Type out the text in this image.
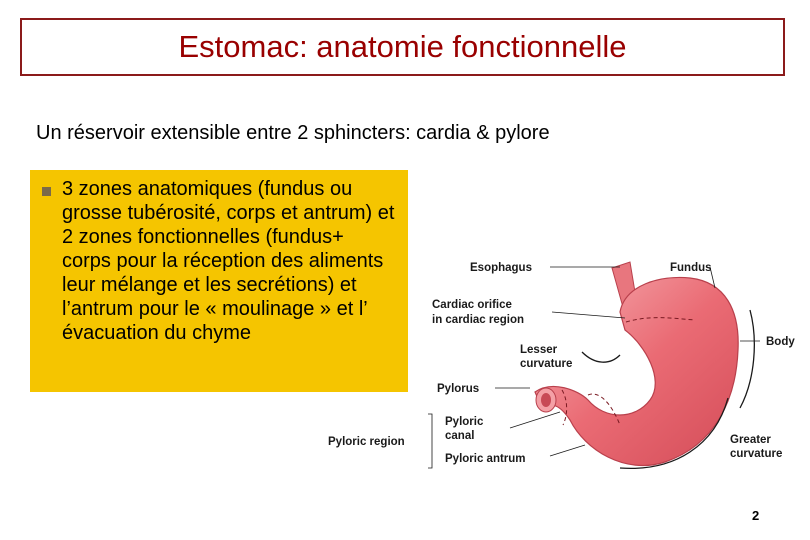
Estomac: anatomie fonctionnelle
Un réservoir extensible entre 2 sphincters: cardia & pylore
3 zones anatomiques (fundus ou grosse tubérosité, corps et antrum) et 2 zones fonctionnelles (fundus+ corps pour la réception des aliments leur mélange et les secrétions) et l’antrum pour le « moulinage » et l’ évacuation du chyme
Esophagus	Fundus
Cardiac orifice
in cardiac region
Body
Lesser
curvature
Pylorus
Pyloric
canal
Pyloric region
Pyloric antrum
Greater
curvature
2
